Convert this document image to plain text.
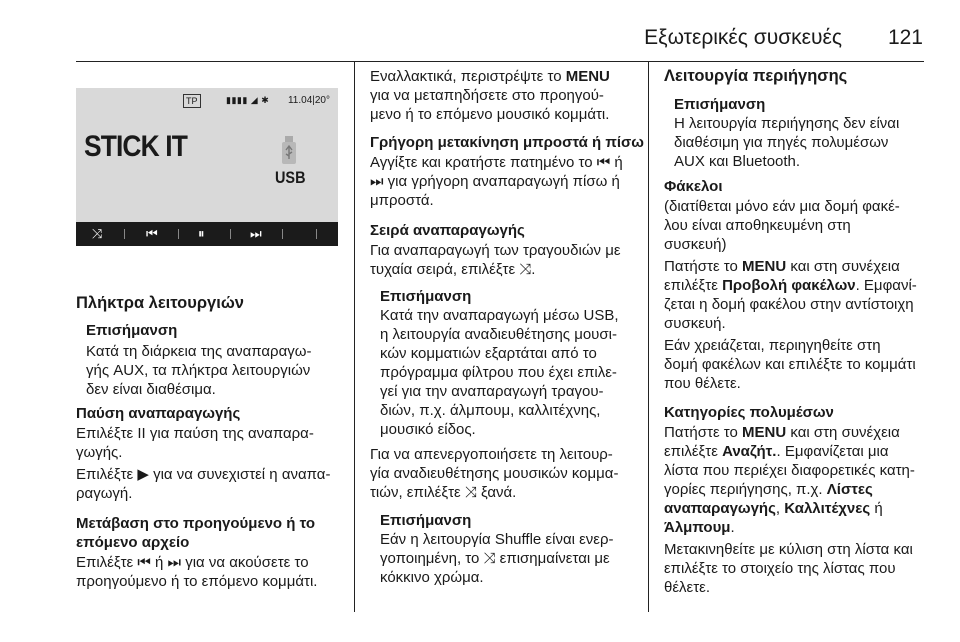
Εξωτερικές συσκευές 121
TP	▮▮▮▮ ◢ ✱ 11.04|20°
STICK IT
USB
⤨	⏮	⏸	⏭
Πλήκτρα λειτουργιών
Επισήμανση
Κατά τη διάρκεια της αναπαραγω-
γής AUX, τα πλήκτρα λειτουργιών
δεν είναι διαθέσιμα.
Παύση αναπαραγωγής
Επιλέξτε II για παύση της αναπαρα-
γωγής.
Επιλέξτε ▶ για να συνεχιστεί η αναπα-
ραγωγή.
Μετάβαση στο προηγούμενο ή το
επόμενο αρχείο
Επιλέξτε ⏮ ή ⏭ για να ακούσετε το
προηγούμενο ή το επόμενο κομμάτι.
Εναλλακτικά, περιστρέψτε το MENU
για να μεταπηδήσετε στο προηγού-
μενο ή το επόμενο μουσικό κομμάτι.
Γρήγορη μετακίνηση μπροστά ή πίσω
Αγγίξτε και κρατήστε πατημένο το ⏮ ή
⏭ για γρήγορη αναπαραγωγή πίσω ή
μπροστά.
Σειρά αναπαραγωγής
Για αναπαραγωγή των τραγουδιών με
τυχαία σειρά, επιλέξτε ⤨.
Επισήμανση
Κατά την αναπαραγωγή μέσω USB,
η λειτουργία αναδιευθέτησης μουσι-
κών κομματιών εξαρτάται από το
πρόγραμμα φίλτρου που έχει επιλε-
γεί για την αναπαραγωγή τραγου-
διών, π.χ. άλμπουμ, καλλιτέχνης,
μουσικό είδος.
Για να απενεργοποιήσετε τη λειτουρ-
γία αναδιευθέτησης μουσικών κομμα-
τιών, επιλέξτε ⤨ ξανά.
Επισήμανση
Εάν η λειτουργία Shuffle είναι ενερ-
γοποιημένη, το ⤨ επισημαίνεται με
κόκκινο χρώμα.
Λειτουργία περιήγησης
Επισήμανση
Η λειτουργία περιήγησης δεν είναι
διαθέσιμη για πηγές πολυμέσων
AUX και Bluetooth.
Φάκελοι
(διατίθεται μόνο εάν μια δομή φακέ-
λου είναι αποθηκευμένη στη
συσκευή)
Πατήστε το MENU και στη συνέχεια
επιλέξτε Προβολή φακέλων. Εμφανί-
ζεται η δομή φακέλου στην αντίστοιχη
συσκευή.
Εάν χρειάζεται, περιηγηθείτε στη
δομή φακέλων και επιλέξτε το κομμάτι
που θέλετε.
Κατηγορίες πολυμέσων
Πατήστε το MENU και στη συνέχεια
επιλέξτε Αναζήτ.. Εμφανίζεται μια
λίστα που περιέχει διαφορετικές κατη-
γορίες περιήγησης, π.χ. Λίστες
αναπαραγωγής, Καλλιτέχνες ή
Άλμπουμ.
Μετακινηθείτε με κύλιση στη λίστα και
επιλέξτε το στοιχείο της λίστας που
θέλετε.
